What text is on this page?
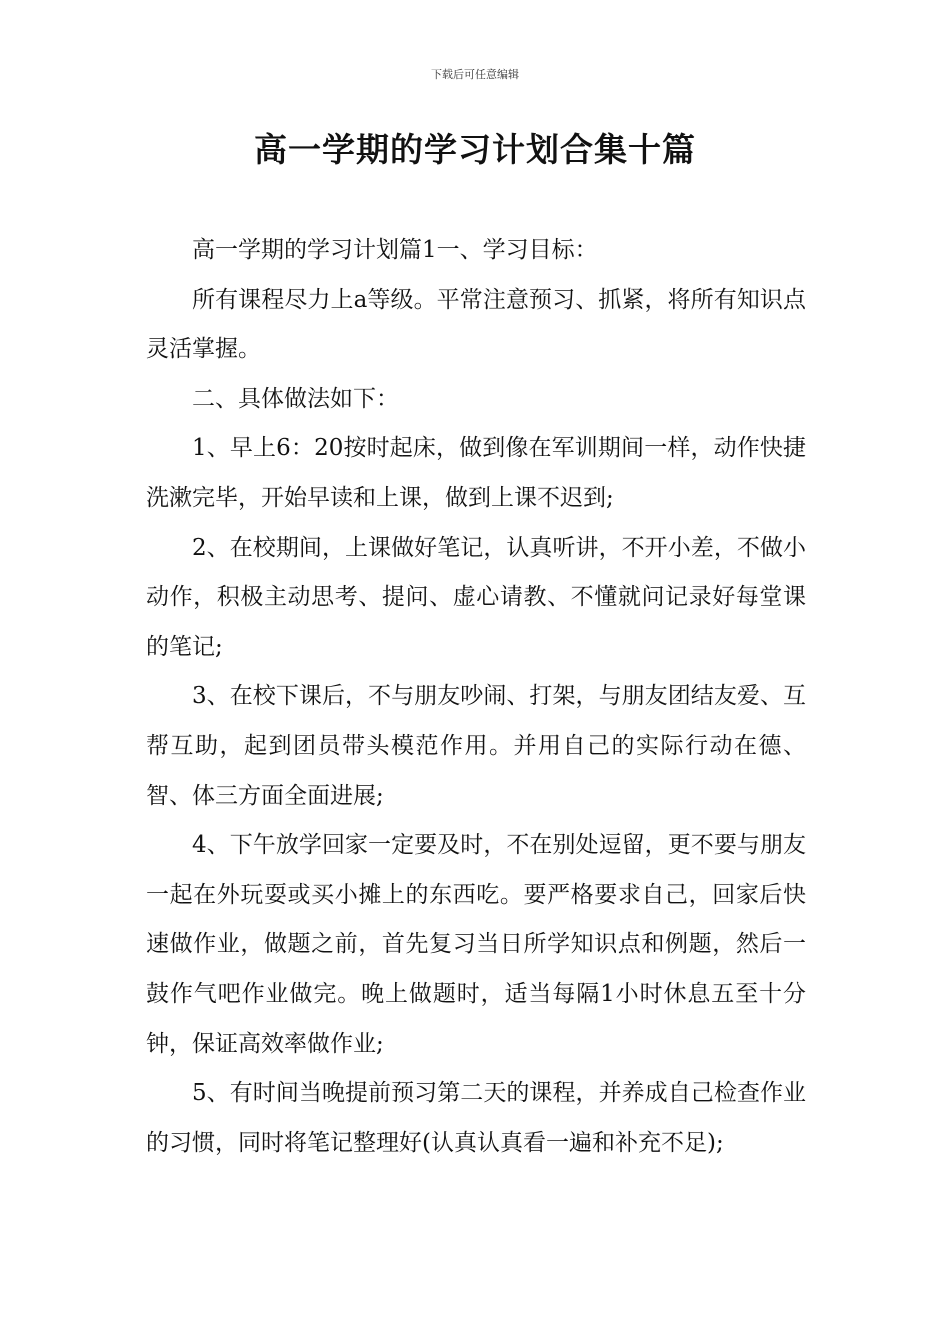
下载后可任意编辑
高一学期的学习计划合集十篇

高一学期的学习计划篇1一、学习目标：

所有课程尽力上a等级。平常注意预习、抓紧，将所有知识点灵活掌握。

二、具体做法如下：

1、早上6：20按时起床，做到像在军训期间一样，动作快捷洗漱完毕，开始早读和上课，做到上课不迟到;

2、在校期间，上课做好笔记，认真听讲，不开小差，不做小动作，积极主动思考、提问、虚心请教、不懂就问记录好每堂课的笔记;

3、在校下课后，不与朋友吵闹、打架，与朋友团结友爱、互帮互助，起到团员带头模范作用。并用自己的实际行动在德、智、体三方面全面进展;

4、下午放学回家一定要及时，不在别处逗留，更不要与朋友一起在外玩耍或买小摊上的东西吃。要严格要求自己，回家后快速做作业，做题之前，首先复习当日所学知识点和例题，然后一鼓作气吧作业做完。晚上做题时，适当每隔1小时休息五至十分钟，保证高效率做作业;

5、有时间当晚提前预习第二天的课程，并养成自己检查作业的习惯，同时将笔记整理好(认真认真看一遍和补充不足);
